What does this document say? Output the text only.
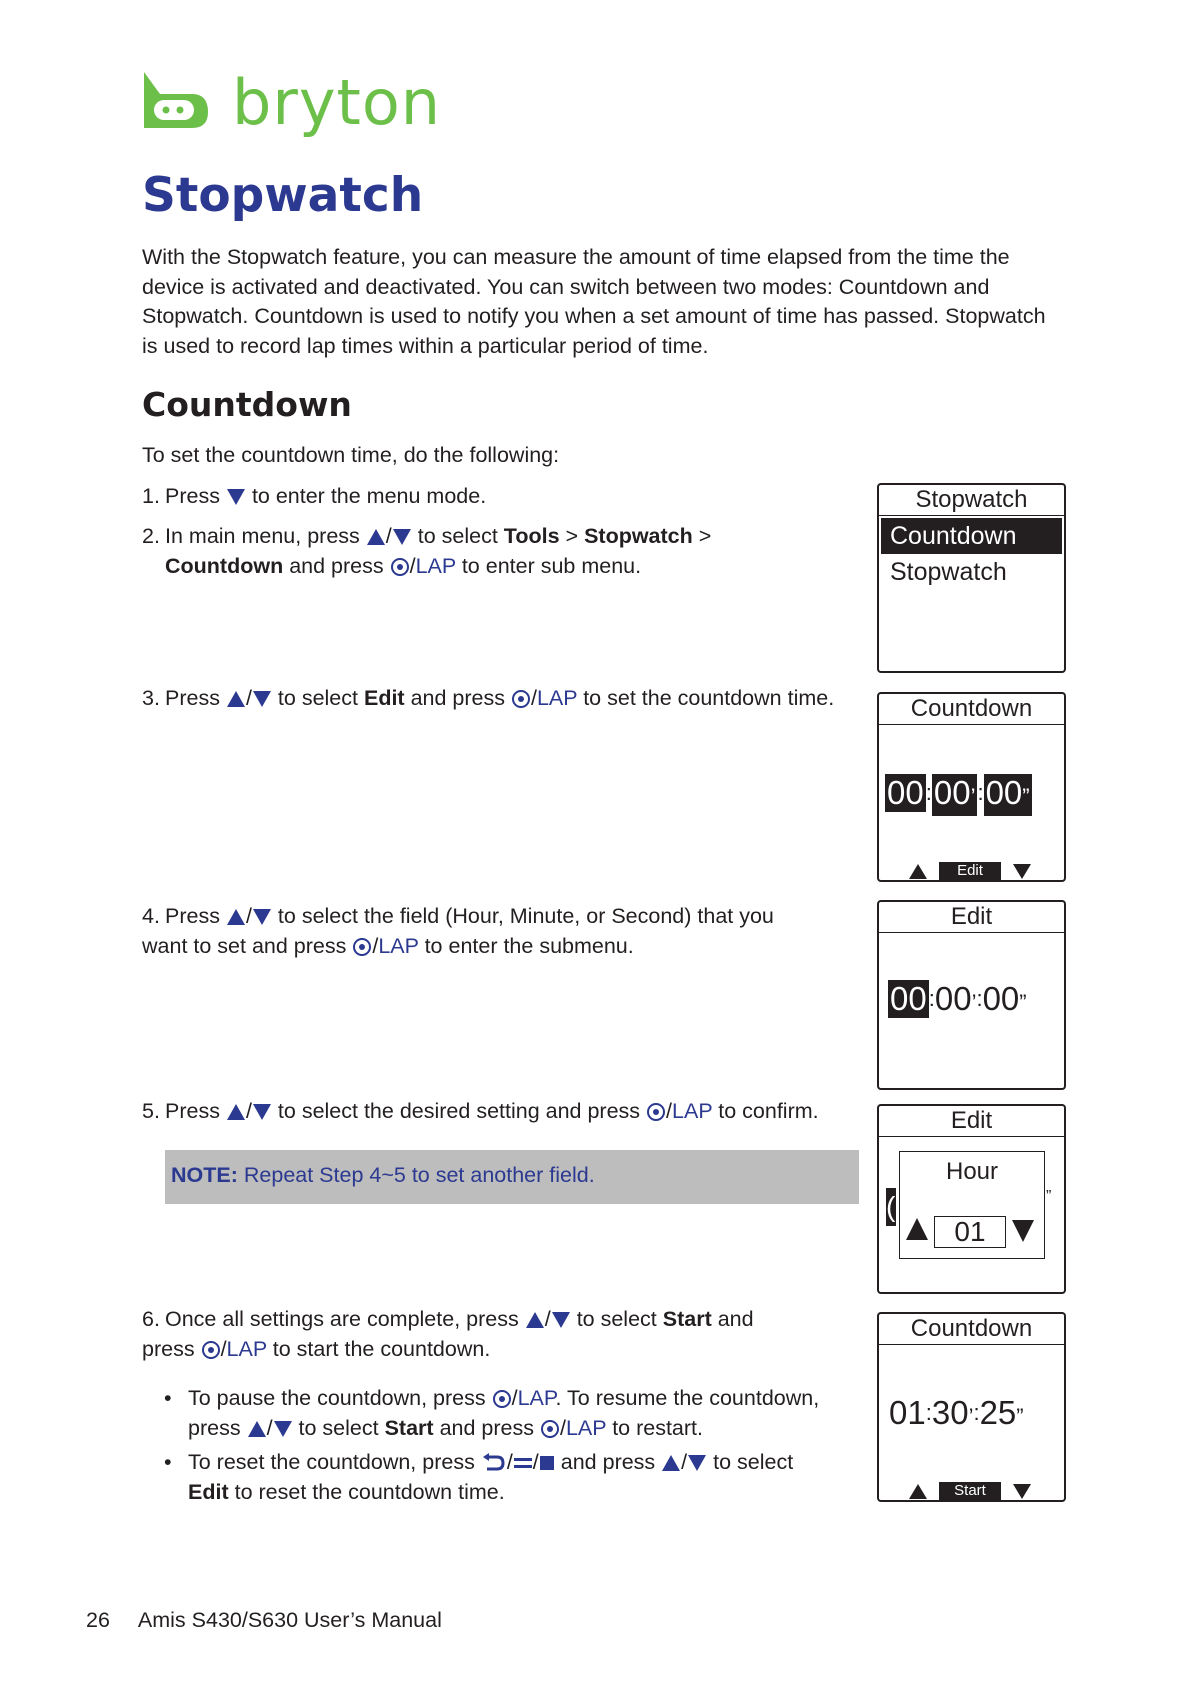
bryton
Stopwatch
With the Stopwatch feature, you can measure the amount of time elapsed from the time the device is activated and deactivated. You can switch between two modes: Countdown and Stopwatch. Countdown is used to notify you when a set amount of time has passed. Stopwatch is used to record lap times within a particular period of time.
Countdown
To set the countdown time, do the following:
1. Press to enter the menu mode.
2. In main menu, press / to select Tools > Stopwatch >
Countdown and press /LAP to enter sub menu.
3. Press / to select Edit and press /LAP to set the countdown time.
4. Press / to select the field (Hour, Minute, or Second) that you want to set and press /LAP to enter the submenu.
5. Press / to select the desired setting and press /LAP to confirm.
NOTE: Repeat Step 4~5 to set another field.
6. Once all settings are complete, press / to select Start and press /LAP to start the countdown.
• To pause the countdown, press /LAP. To resume the countdown, press / to select Start and press /LAP to restart.
• To reset the countdown, press / / and press / to select
Edit to reset the countdown time.
Stopwatch
Countdown
Stopwatch
Countdown
00:00’:00”
Edit
Edit
00:00’:00”
Edit
(	”
Hour
01
Countdown
01:30’:25”
Start
26 Amis S430/S630 User’s Manual
